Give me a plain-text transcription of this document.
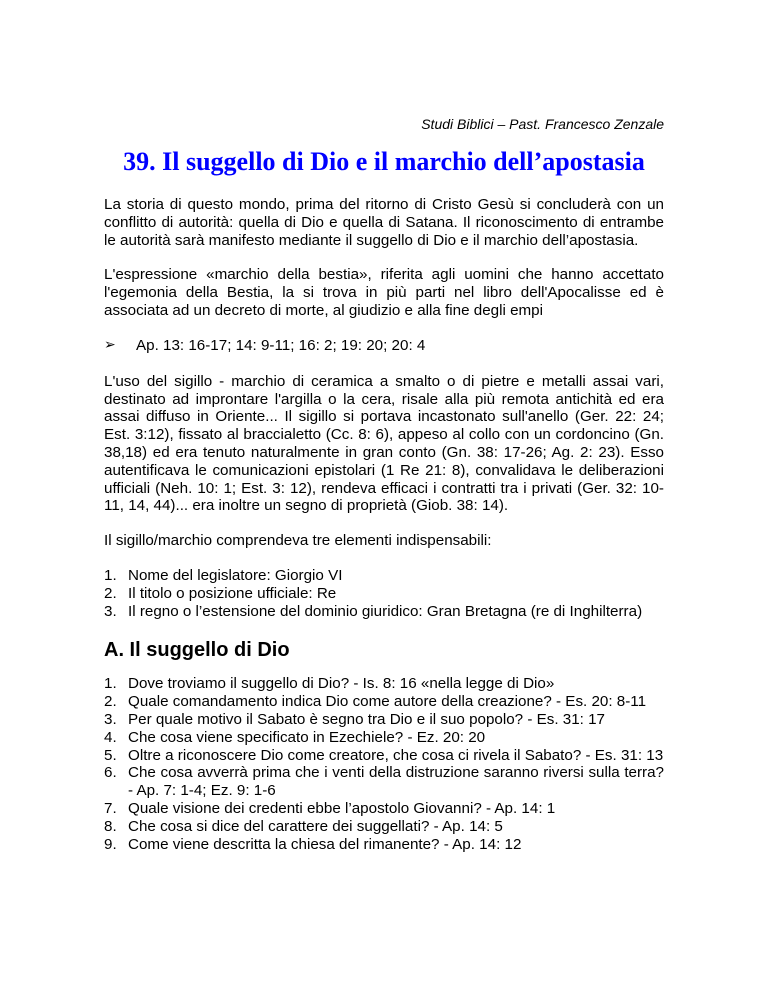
Studi Biblici – Past. Francesco Zenzale
39. Il suggello di Dio e il marchio dell’apostasia

La storia di questo mondo, prima del ritorno di Cristo Gesù si concluderà con un conflitto di autorità: quella di Dio e quella di Satana. Il riconoscimento di entrambe le autorità sarà manifesto mediante il suggello di Dio e il marchio dell’apostasia.

L'espressione «marchio della bestia», riferita agli uomini che hanno accettato l'egemonia della Bestia, la si trova in più parti nel libro dell'Apocalisse ed è associata ad un decreto di morte, al giudizio e alla fine degli empi

➢ Ap. 13: 16-17; 14: 9-11; 16: 2; 19: 20; 20: 4

L'uso del sigillo - marchio di ceramica a smalto o di pietre e metalli assai vari, destinato ad improntare l'argilla o la cera, risale alla più remota antichità ed era assai diffuso in Oriente... Il sigillo si portava incastonato sull'anello (Ger. 22: 24; Est. 3:12), fissato al braccialetto (Cc. 8: 6), appeso al collo con un cordoncino (Gn. 38,18) ed era tenuto naturalmente in gran conto (Gn. 38: 17-26; Ag. 2: 23). Esso autentificava le comunicazioni epistolari (1 Re 21: 8), convalidava le deliberazioni ufficiali (Neh. 10: 1; Est. 3: 12), rendeva efficaci i contratti tra i privati (Ger. 32: 10-11, 14, 44)... era inoltre un segno di proprietà (Giob. 38: 14).

Il sigillo/marchio comprendeva tre elementi indispensabili:

1. Nome del legislatore: Giorgio VI
2. Il titolo o posizione ufficiale: Re
3. Il regno o l’estensione del dominio giuridico: Gran Bretagna (re di Inghilterra)
A. Il suggello di Dio
1. Dove troviamo il suggello di Dio? - Is. 8: 16 «nella legge di Dio»
2. Quale comandamento indica Dio come autore della creazione? - Es. 20: 8-11
3. Per quale motivo il Sabato è segno tra Dio e il suo popolo? - Es. 31: 17
4. Che cosa viene specificato in Ezechiele? - Ez. 20: 20
5. Oltre a riconoscere Dio come creatore, che cosa ci rivela il Sabato? - Es. 31: 13
6. Che cosa avverrà prima che i venti della distruzione saranno riversi sulla terra? - Ap. 7: 1-4; Ez. 9: 1-6
7. Quale visione dei credenti ebbe l’apostolo Giovanni? - Ap. 14: 1
8. Che cosa si dice del carattere dei suggellati? - Ap. 14: 5
9. Come viene descritta la chiesa del rimanente? - Ap. 14: 12
